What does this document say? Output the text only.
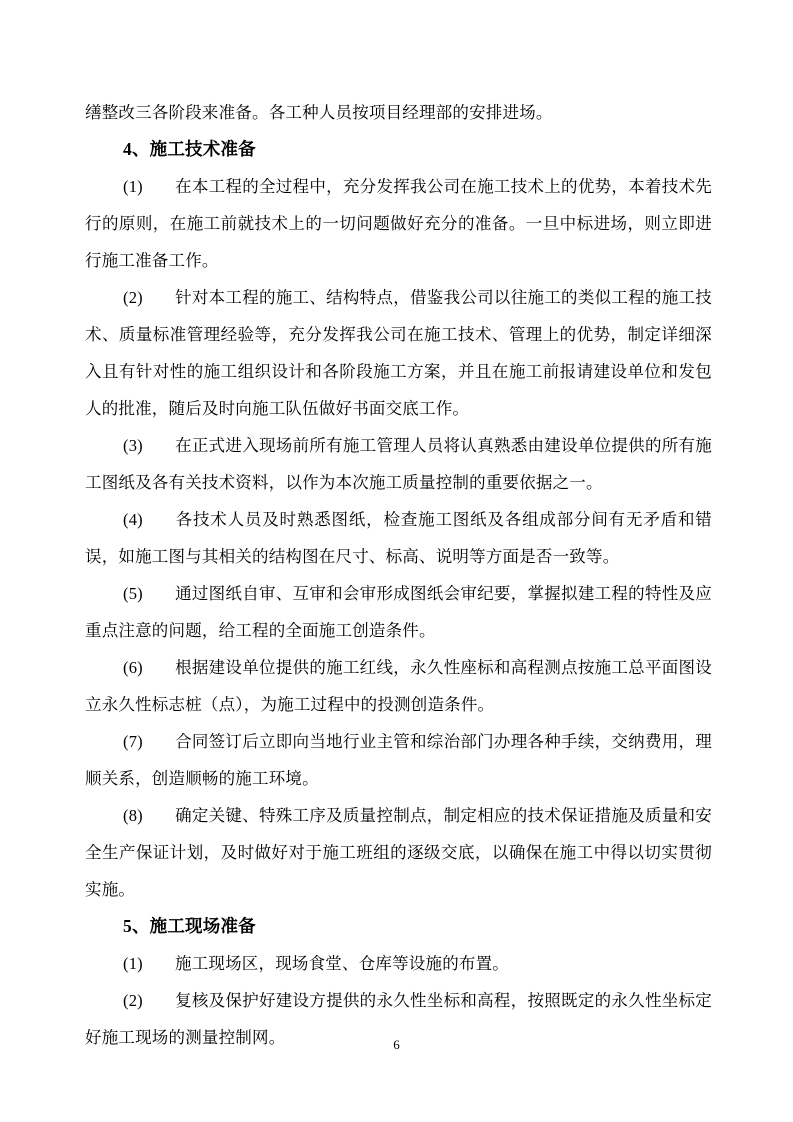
缮整改三各阶段来准备。各工种人员按项目经理部的安排进场。

4、施工技术准备

(1) 在本工程的全过程中，充分发挥我公司在施工技术上的优势，本着技术先行的原则，在施工前就技术上的一切问题做好充分的准备。一旦中标进场，则立即进行施工准备工作。

(2) 针对本工程的施工、结构特点，借鉴我公司以往施工的类似工程的施工技术、质量标准管理经验等，充分发挥我公司在施工技术、管理上的优势，制定详细深入且有针对性的施工组织设计和各阶段施工方案，并且在施工前报请建设单位和发包人的批准，随后及时向施工队伍做好书面交底工作。

(3) 在正式进入现场前所有施工管理人员将认真熟悉由建设单位提供的所有施工图纸及各有关技术资料，以作为本次施工质量控制的重要依据之一。

(4) 各技术人员及时熟悉图纸，检查施工图纸及各组成部分间有无矛盾和错误，如施工图与其相关的结构图在尺寸、标高、说明等方面是否一致等。

(5) 通过图纸自审、互审和会审形成图纸会审纪要，掌握拟建工程的特性及应重点注意的问题，给工程的全面施工创造条件。

(6) 根据建设单位提供的施工红线，永久性座标和高程测点按施工总平面图设立永久性标志桩（点），为施工过程中的投测创造条件。

(7) 合同签订后立即向当地行业主管和综治部门办理各种手续，交纳费用，理顺关系，创造顺畅的施工环境。

(8) 确定关键、特殊工序及质量控制点，制定相应的技术保证措施及质量和安全生产保证计划，及时做好对于施工班组的逐级交底，以确保在施工中得以切实贯彻实施。

5、施工现场准备

(1) 施工现场区，现场食堂、仓库等设施的布置。

(2) 复核及保护好建设方提供的永久性坐标和高程，按照既定的永久性坐标定好施工现场的测量控制网。	6
